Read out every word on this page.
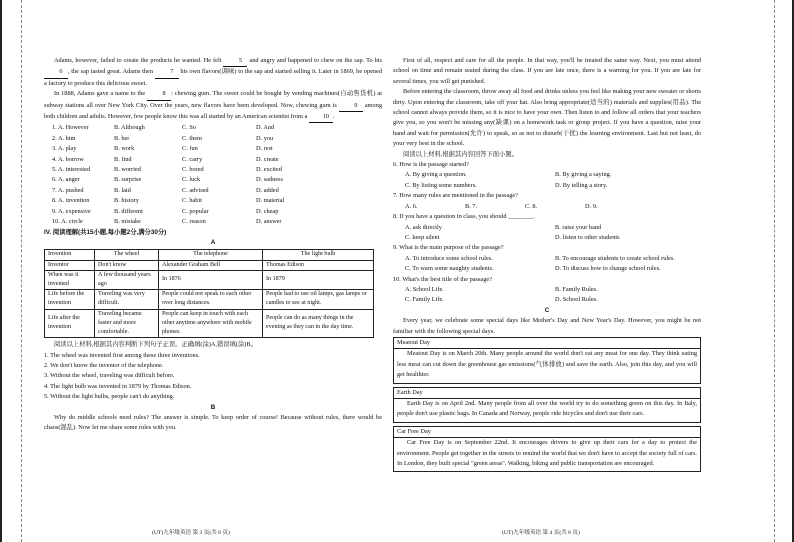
Adams, however, failed to create the products he wanted. He felt 5 and angry and happened to chew on the sap. To his 6 , the sap tasted great. Adams then 7 his own flavors(调味) to the sap and started selling it. Later in 1869, he opened a factory to produce this delicious sweet.

In 1888, Adams gave a name to the 8 : chewing gum. The sweet could be bought by vending machines(自动售货机) at subway stations all over New York City. Over the years, new flavors have been developed. Now, chewing gum is 9 among both children and adults. However, few people know this was all started by an American scientist from a 10 .

1. A. However	B. Although	C. So	D. And
2. A. him	B. her	C. them	D. you
3. A. play	B. work	C. fun	D. rest
4. A. borrow	B. find	C. carry	D. create
5. A. interested	B. worried	C. bored	D. excited
6. A. anger	B. surprise	C. luck	D. sadness
7. A. pushed	B. laid	C. advised	D. added
8. A. invention	B. history	C. habit	D. material
9. A. expensive	B. different	C. popular	D. cheap
10. A. circle	B. mistake	C. reason	D. answer
IV. 阅读理解(共15小题,每小题2分,满分30分)
A
Invention	The wheel	The telephone	The light bulb
Inventor	Don't know	Alexander Graham Bell	Thomas Edison
When was it invented	A few thousand years ago	In 1876	In 1879
Life before the invention	Traveling was very difficult.	People could not speak to each other over long distances.	People had to use oil lamps, gas lamps or candles to see at night.
Life after the invention	Traveling became faster and more comfortable.	People can keep in touch with each other anytime anywhere with mobile phones.	People can do as many things in the evening as they can in the day time.

阅读以上材料,根据其内容判断下列句子正误。正确填(涂)A,错误填(涂)B。

1. The wheel was invented first among these three inventions.
2. We don't know the inventor of the telephone.
3. Without the wheel, traveling was difficult before.
4. The light bulb was invented in 1879 by Thomas Edison.
5. Without the light bulbs, people can't do anything.
B

Why do middle schools need rules? The answer is simple. To keep order of course! Because without rules, there would be chaos(混乱). Now let me share some rules with you.

(UT)九年级英语 第 3 页(共 8 页)

First of all, respect and care for all the people. In that way, you'll be treated the same way. Next, you must attend school on time and remain seated during the class. If you are late once, there is a warning for you. If you are late for several times, you will get punished.

Before entering the classroom, throw away all food and drinks unless you feel like making your new sweater or shorts dirty. Upon entering the classroom, take off your hat. Also bring appropriate(适当的) materials and supplies(用品). The school cannot always provide them, so it is nice to have your own. Then listen to and follow all orders that your teachers give you, so you won't be missing any(缺课) on a homework task or group project. If you have a question, raise your hand and wait for permission(允许) to speak, so as not to disturb(干扰) the learning environment. Last but not least, do your very best in the school.

阅读以上材料,根据其内容回答下面小题。

6. How is the passage started?
A. By giving a question.	B. By giving a saying.
C. By listing some numbers.	D. By telling a story.
7. How many rules are mentioned in the passage?
A. 6.	B. 7.	C. 8.	D. 9.
8. If you have a question in class, you should ________.
A. ask directly	B. raise your hand
C. keep silent	D. listen to other students
9. What is the main purpose of the passage?
A. To introduce some school rules.	B. To encourage students to create school rules.
C. To warn some naughty students.	D. To discuss how to change school rules.
10. What's the best title of the passage?
A. School Life.	B. Family Rules.
C. Family Life.	D. School Rules.
C

Every year, we celebrate some special days like Mother's Day and New Year's Day. However, you might be not familiar with the following special days.

Meatout Day

Meatout Day is on March 20th. Many people around the world don't eat any meat for one day. They think eating less meat can cut down the greenhouse gas emissions(气体排放) and save the earth. Also, join this day, and you will get healthier.

Earth Day

Earth Day is on April 2nd. Many people from all over the world try to do something green on this day. In Italy, people don't use plastic bags. In Canada and Norway, people ride bicycles and don't use their cars.

Car Free Day

Car Free Day is on September 22nd. It encourages drivers to give up their cars for a day to protect the environment. People get together in the streets to remind the world that we don't have to accept the society full of cars. In London, they built special "green areas". Walking, biking and public transportation are encouraged.

(UT)九年级英语 第 4 页(共 8 页)
